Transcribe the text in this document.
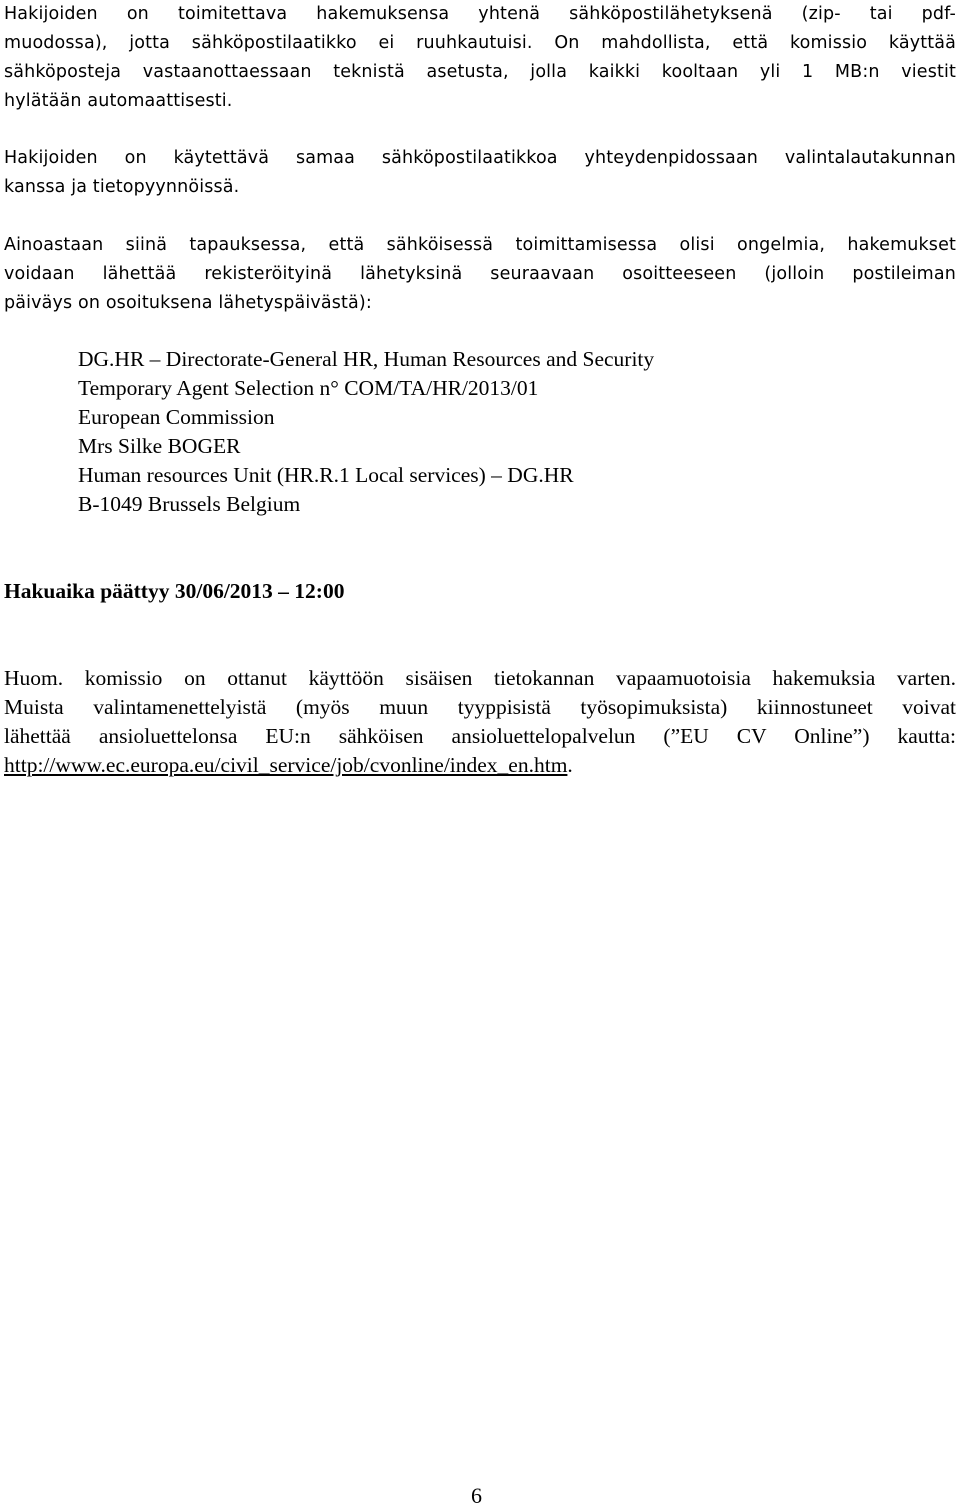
Hakijoiden on toimitettava hakemuksensa yhtenä sähköpostilähetyksenä (zip- tai pdf-
muodossa), jotta sähköpostilaatikko ei ruuhkautuisi. On mahdollista, että komissio käyttää
sähköposteja vastaanottaessaan teknistä asetusta, jolla kaikki kooltaan yli 1 MB:n viestit
hylätään automaattisesti.
Hakijoiden on käytettävä samaa sähköpostilaatikkoa yhteydenpidossaan valintalautakunnan
kanssa ja tietopyynnöissä.
Ainoastaan siinä tapauksessa, että sähköisessä toimittamisessa olisi ongelmia, hakemukset
voidaan lähettää rekisteröityinä lähetyksinä seuraavaan osoitteeseen (jolloin postileiman
päiväys on osoituksena lähetyspäivästä):
DG.HR – Directorate-General HR, Human Resources and Security
Temporary Agent Selection n° COM/TA/HR/2013/01
European Commission
Mrs Silke BOGER
Human resources Unit (HR.R.1 Local services) – DG.HR
B-1049 Brussels Belgium
Hakuaika päättyy 30/06/2013 – 12:00
Huom. komissio on ottanut käyttöön sisäisen tietokannan vapaamuotoisia hakemuksia varten.
Muista valintamenettelyistä (myös muun tyyppisistä työsopimuksista) kiinnostuneet voivat
lähettää ansioluettelonsa EU:n sähköisen ansioluettelopalvelun (”EU CV Online”) kautta:
http://www.ec.europa.eu/civil_service/job/cvonline/index_en.htm.
6
